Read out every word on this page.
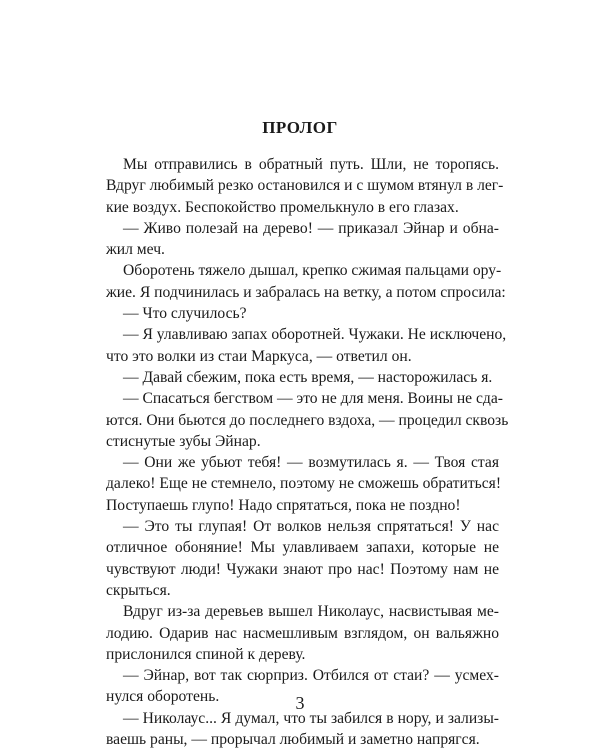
ПРОЛОГ
Мы отправились в обратный путь. Шли, не торопясь.
Вдруг любимый резко остановился и с шумом втянул в лег-
кие воздух. Беспокойство промелькнуло в его глазах.
— Живо полезай на дерево! — приказал Эйнар и обна-
жил меч.
Оборотень тяжело дышал, крепко сжимая пальцами ору-
жие. Я подчинилась и забралась на ветку, а потом спросила:
— Что случилось?
— Я улавливаю запах оборотней. Чужаки. Не исключено,
что это волки из стаи Маркуса, — ответил он.
— Давай сбежим, пока есть время, — насторожилась я.
— Спасаться бегством — это не для меня. Воины не сда-
ются. Они бьются до последнего вздоха, — процедил сквозь
стиснутые зубы Эйнар.
— Они же убьют тебя! — возмутилась я. — Твоя стая
далеко! Еще не стемнело, поэтому не сможешь обратиться!
Поступаешь глупо! Надо спрятаться, пока не поздно!
— Это ты глупая! От волков нельзя спрятаться! У нас
отличное обоняние! Мы улавливаем запахи, которые не
чувствуют люди! Чужаки знают про нас! Поэтому нам не
скрыться.
Вдруг из-за деревьев вышел Николаус, насвистывая ме-
лодию. Одарив нас насмешливым взглядом, он вальяжно
прислонился спиной к дереву.
— Эйнар, вот так сюрприз. Отбился от стаи? — усмех-
нулся оборотень.
— Николаус... Я думал, что ты забился в нору, и зализы-
ваешь раны, — прорычал любимый и заметно напрягся.
3
